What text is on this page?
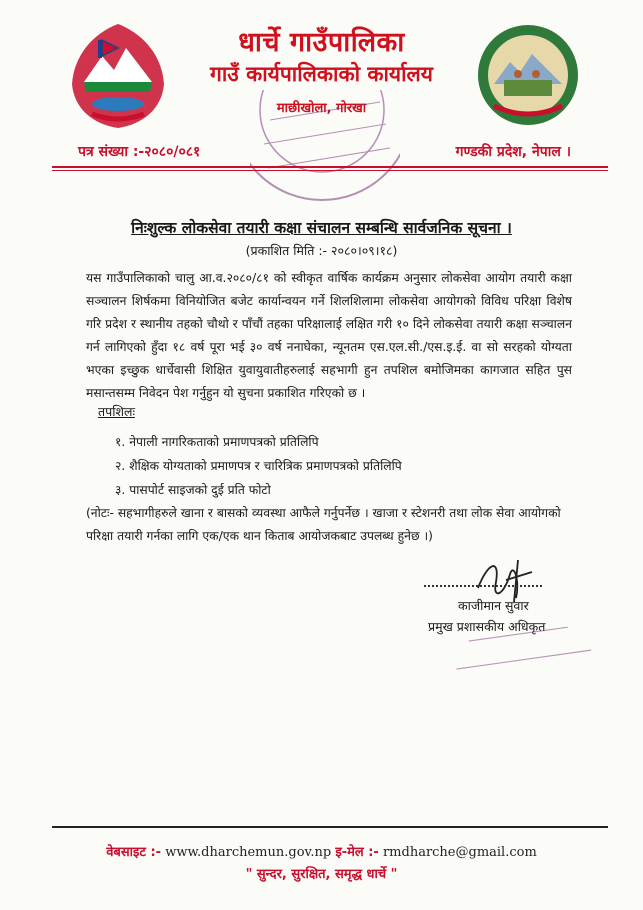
धार्चे गाउँपालिका
गाउँ कार्यपालिकाको कार्यालय
माछीखोला, गोरखा
पत्र संख्या :-२०८०/०८१	गण्डकी प्रदेश, नेपाल ।
निःशुल्क लोकसेवा तयारी कक्षा संचालन सम्बन्धि सार्वजनिक सूचना ।
(प्रकाशित मिति :- २०८०।०९।१८)
यस गाउँपालिकाको चालु आ.व.२०८०/८१ को स्वीकृत वार्षिक कार्यक्रम अनुसार लोकसेवा आयोग तयारी कक्षा सञ्चालन शिर्षकमा विनियोजित बजेट कार्यान्वयन गर्ने शिलशिलामा लोकसेवा आयोगको विविध परिक्षा विशेष गरि प्रदेश र स्थानीय तहको चौथो र पाँचौं तहका परिक्षालाई लक्षित गरी १० दिने लोकसेवा तयारी कक्षा सञ्चालन गर्न लागिएको हुँदा १८ वर्ष पूरा भई ३० वर्ष ननाघेका, न्यूनतम एस.एल.सी./एस.इ.ई. वा सो सरहको योग्यता भएका इच्छुक धार्चेवासी शिक्षित युवायुवातीहरुलाई सहभागी हुन तपशिल बमोजिमका कागजात सहित पुस मसान्तसम्म निवेदन पेश गर्नुहुन यो सुचना प्रकाशित गरिएको छ ।
तपशिलः
१. नेपाली नागरिकताको प्रमाणपत्रको प्रतिलिपि
२. शैक्षिक योग्यताको प्रमाणपत्र र चारित्रिक प्रमाणपत्रको प्रतिलिपि
३. पासपोर्ट साइजको दुई प्रति फोटो
(नोटः- सहभागीहरुले खाना र बासको व्यवस्था आफैले गर्नुपर्नेछ । खाजा र स्टेशनरी तथा लोक सेवा आयोगको परिक्षा तयारी गर्नका लागि एक/एक थान किताब आयोजकबाट उपलब्ध हुनेछ ।)
काजीमान सुवार
प्रमुख प्रशासकीय अधिकृत
वेबसाइट :- www.dharchemun.gov.np इ-मेल :- rmdharche@gmail.com
" सुन्दर, सुरक्षित, समृद्ध धार्चे "
